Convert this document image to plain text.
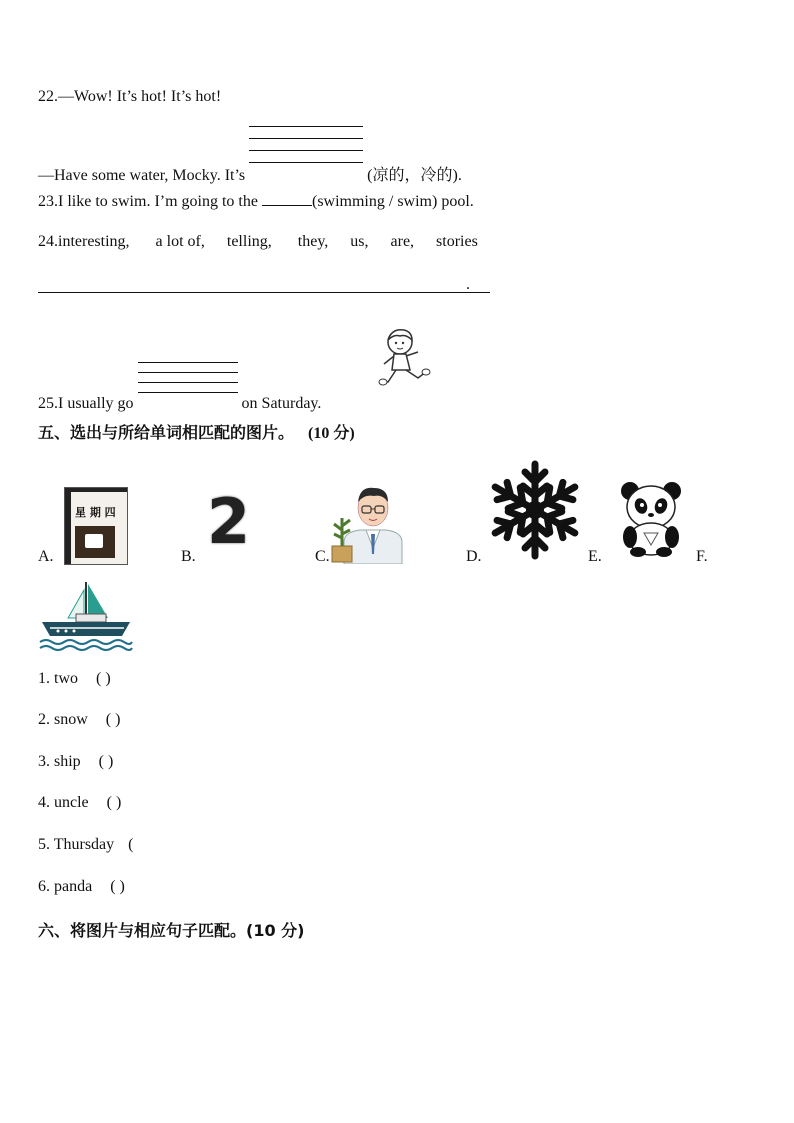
22.—Wow! It’s hot! It’s hot!
—Have some water, Mocky. It’s	(凉的，冷的).
23.I like to swim. I’m going to the	(swimming / swim) pool.
24.interesting, a lot of, telling, they, us, are, stories
.
25.I usually go	on Saturday.
五、选出与所给单词相匹配的图片。 (10 分)
A.	B.	C.	D.	E.	F.
星 期 四 2
1. two ( )
2. snow ( )
3. ship ( )
4. uncle ( )
5. Thursday (
6. panda ( )
六、将图片与相应句子匹配。(10 分)
